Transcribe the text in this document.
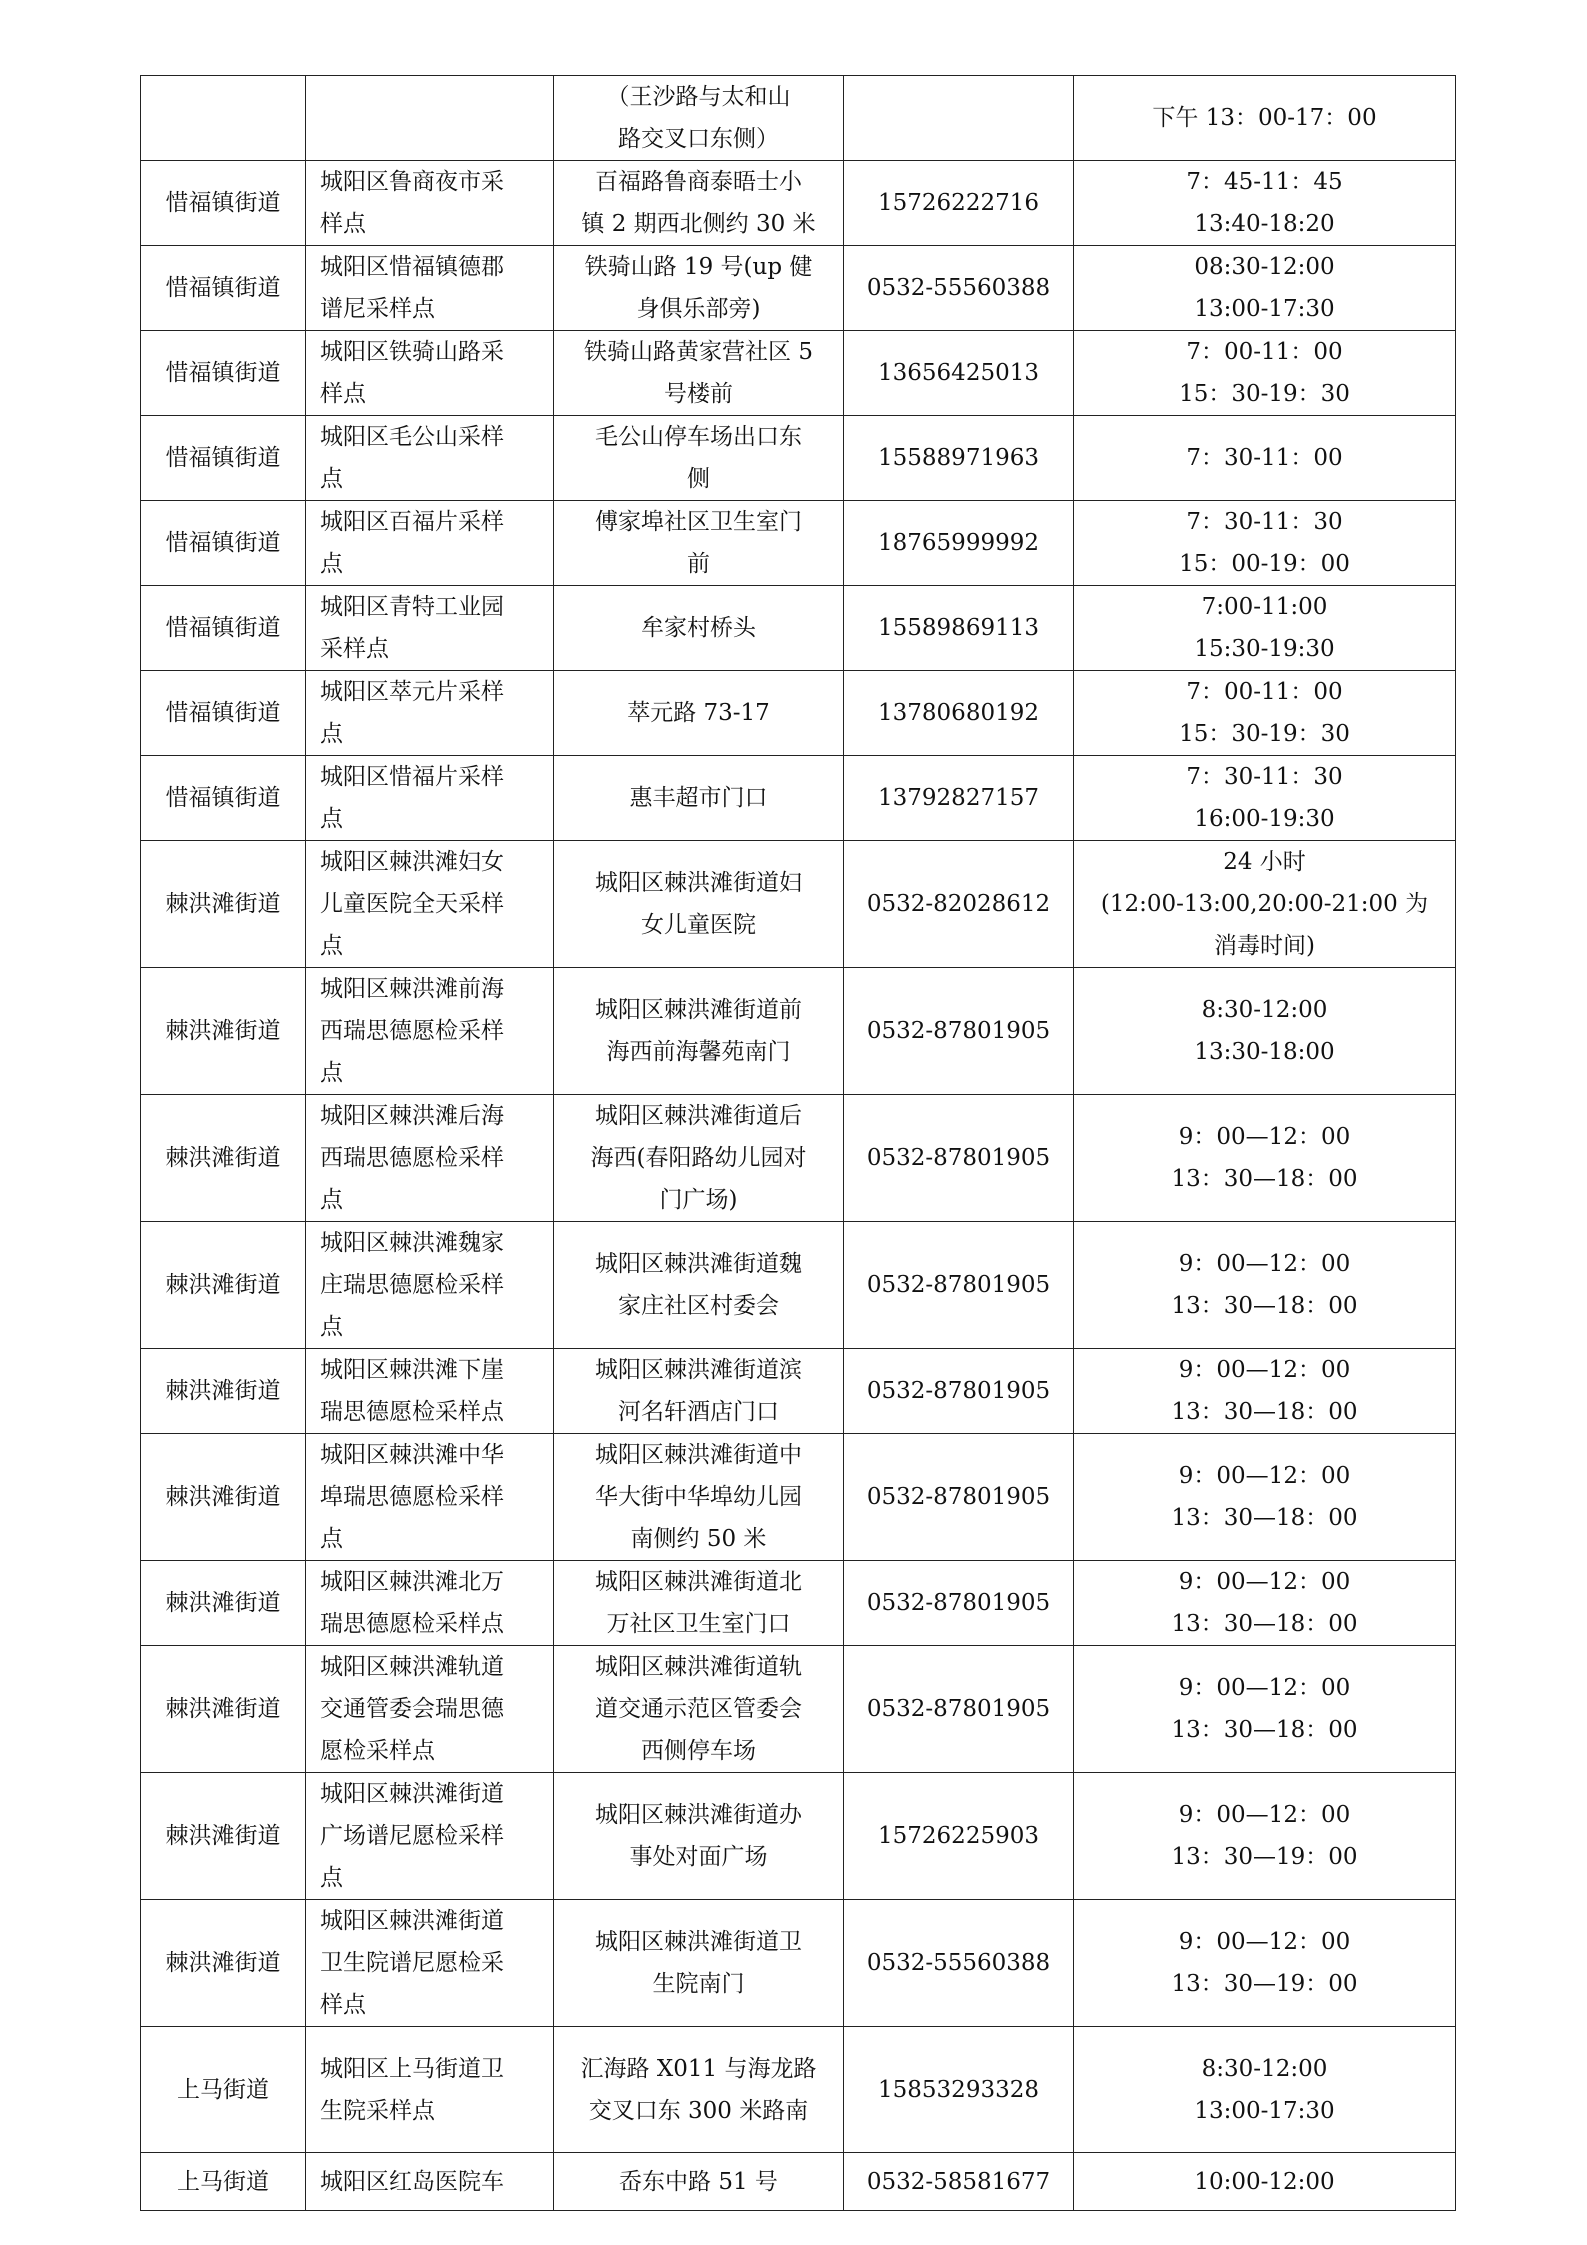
		（王沙路与太和山
路交叉口东侧）		下午 13：00-17：00
惜福镇街道	城阳区鲁商夜市采
样点	百福路鲁商泰晤士小
镇 2 期西北侧约 30 米	15726222716	7：45-11：45
13:40-18:20
惜福镇街道	城阳区惜福镇德郡
谱尼采样点	铁骑山路 19 号(up 健
身俱乐部旁)	0532-55560388	08:30-12:00
13:00-17:30
惜福镇街道	城阳区铁骑山路采
样点	铁骑山路黄家营社区 5
号楼前	13656425013	7：00-11：00
15：30-19：30
惜福镇街道	城阳区毛公山采样
点	毛公山停车场出口东
侧	15588971963	7：30-11：00
惜福镇街道	城阳区百福片采样
点	傅家埠社区卫生室门
前	18765999992	7：30-11：30
15：00-19：00
惜福镇街道	城阳区青特工业园
采样点	牟家村桥头	15589869113	7:00-11:00
15:30-19:30
惜福镇街道	城阳区萃元片采样
点	萃元路 73-17	13780680192	7：00-11：00
15：30-19：30
惜福镇街道	城阳区惜福片采样
点	惠丰超市门口	13792827157	7：30-11：30
16:00-19:30
棘洪滩街道	城阳区棘洪滩妇女
儿童医院全天采样
点	城阳区棘洪滩街道妇
女儿童医院	0532-82028612	24 小时
(12:00-13:00,20:00-21:00 为
消毒时间)
棘洪滩街道	城阳区棘洪滩前海
西瑞思德愿检采样
点	城阳区棘洪滩街道前
海西前海馨苑南门	0532-87801905	8:30-12:00
13:30-18:00
棘洪滩街道	城阳区棘洪滩后海
西瑞思德愿检采样
点	城阳区棘洪滩街道后
海西(春阳路幼儿园对
门广场)	0532-87801905	9：00—12：00
13：30—18：00
棘洪滩街道	城阳区棘洪滩魏家
庄瑞思德愿检采样
点	城阳区棘洪滩街道魏
家庄社区村委会	0532-87801905	9：00—12：00
13：30—18：00
棘洪滩街道	城阳区棘洪滩下崖
瑞思德愿检采样点	城阳区棘洪滩街道滨
河名轩酒店门口	0532-87801905	9：00—12：00
13：30—18：00
棘洪滩街道	城阳区棘洪滩中华
埠瑞思德愿检采样
点	城阳区棘洪滩街道中
华大街中华埠幼儿园
南侧约 50 米	0532-87801905	9：00—12：00
13：30—18：00
棘洪滩街道	城阳区棘洪滩北万
瑞思德愿检采样点	城阳区棘洪滩街道北
万社区卫生室门口	0532-87801905	9：00—12：00
13：30—18：00
棘洪滩街道	城阳区棘洪滩轨道
交通管委会瑞思德
愿检采样点	城阳区棘洪滩街道轨
道交通示范区管委会
西侧停车场	0532-87801905	9：00—12：00
13：30—18：00
棘洪滩街道	城阳区棘洪滩街道
广场谱尼愿检采样
点	城阳区棘洪滩街道办
事处对面广场	15726225903	9：00—12：00
13：30—19：00
棘洪滩街道	城阳区棘洪滩街道
卫生院谱尼愿检采
样点	城阳区棘洪滩街道卫
生院南门	0532-55560388	9：00—12：00
13：30—19：00
上马街道	城阳区上马街道卫
生院采样点	汇海路 X011 与海龙路
交叉口东 300 米路南	15853293328	8:30-12:00
13:00-17:30
上马街道	城阳区红岛医院车	岙东中路 51 号	0532-58581677	10:00-12:00
